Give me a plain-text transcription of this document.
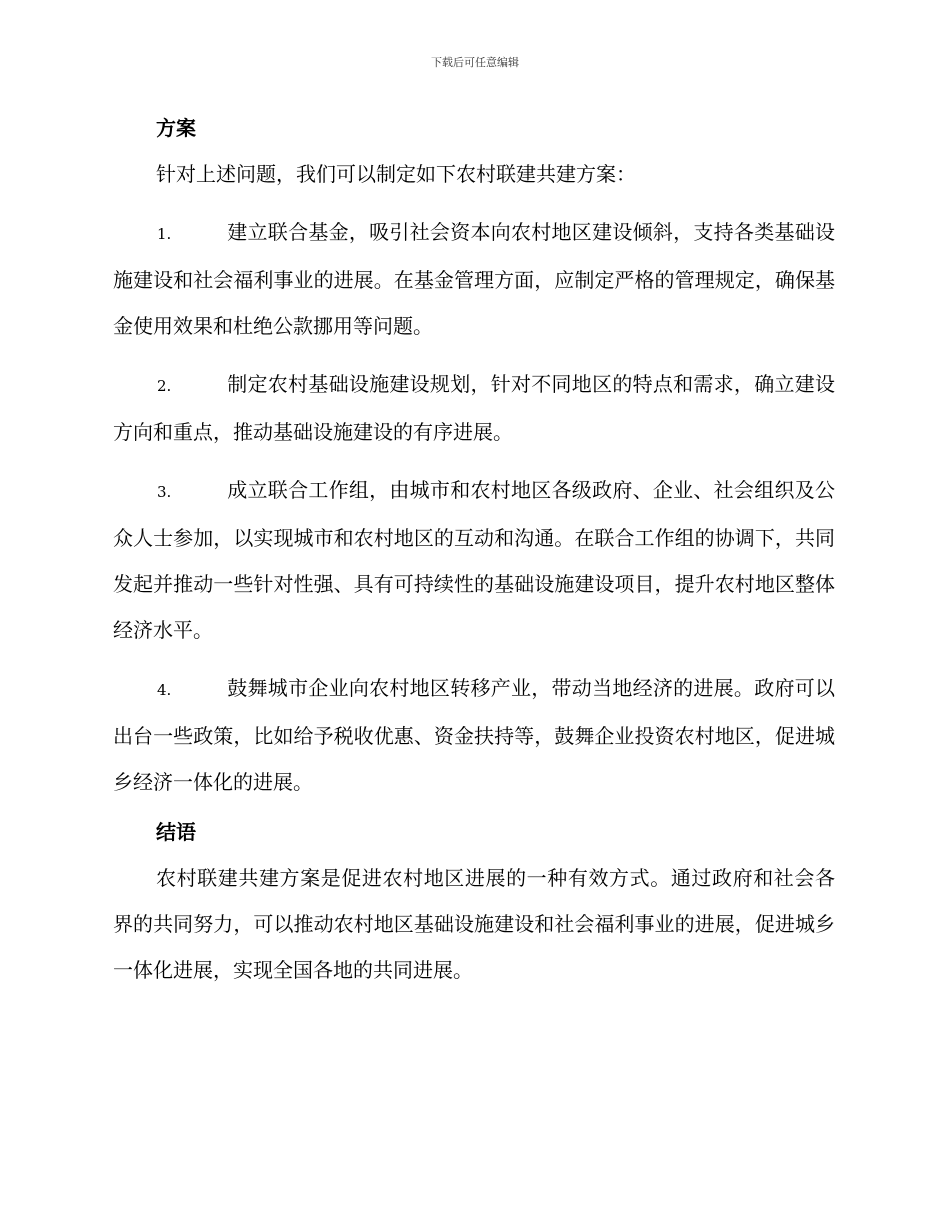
下载后可任意编辑
方案

针对上述问题，我们可以制定如下农村联建共建方案：

1.	建立联合基金，吸引社会资本向农村地区建设倾斜，支持各类基础设施建设和社会福利事业的进展。在基金管理方面，应制定严格的管理规定，确保基金使用效果和杜绝公款挪用等问题。

2.	制定农村基础设施建设规划，针对不同地区的特点和需求，确立建设方向和重点，推动基础设施建设的有序进展。

3.	成立联合工作组，由城市和农村地区各级政府、企业、社会组织及公众人士参加，以实现城市和农村地区的互动和沟通。在联合工作组的协调下，共同发起并推动一些针对性强、具有可持续性的基础设施建设项目，提升农村地区整体经济水平。

4.	鼓舞城市企业向农村地区转移产业，带动当地经济的进展。政府可以出台一些政策，比如给予税收优惠、资金扶持等，鼓舞企业投资农村地区，促进城乡经济一体化的进展。

结语

农村联建共建方案是促进农村地区进展的一种有效方式。通过政府和社会各界的共同努力，可以推动农村地区基础设施建设和社会福利事业的进展，促进城乡一体化进展，实现全国各地的共同进展。
